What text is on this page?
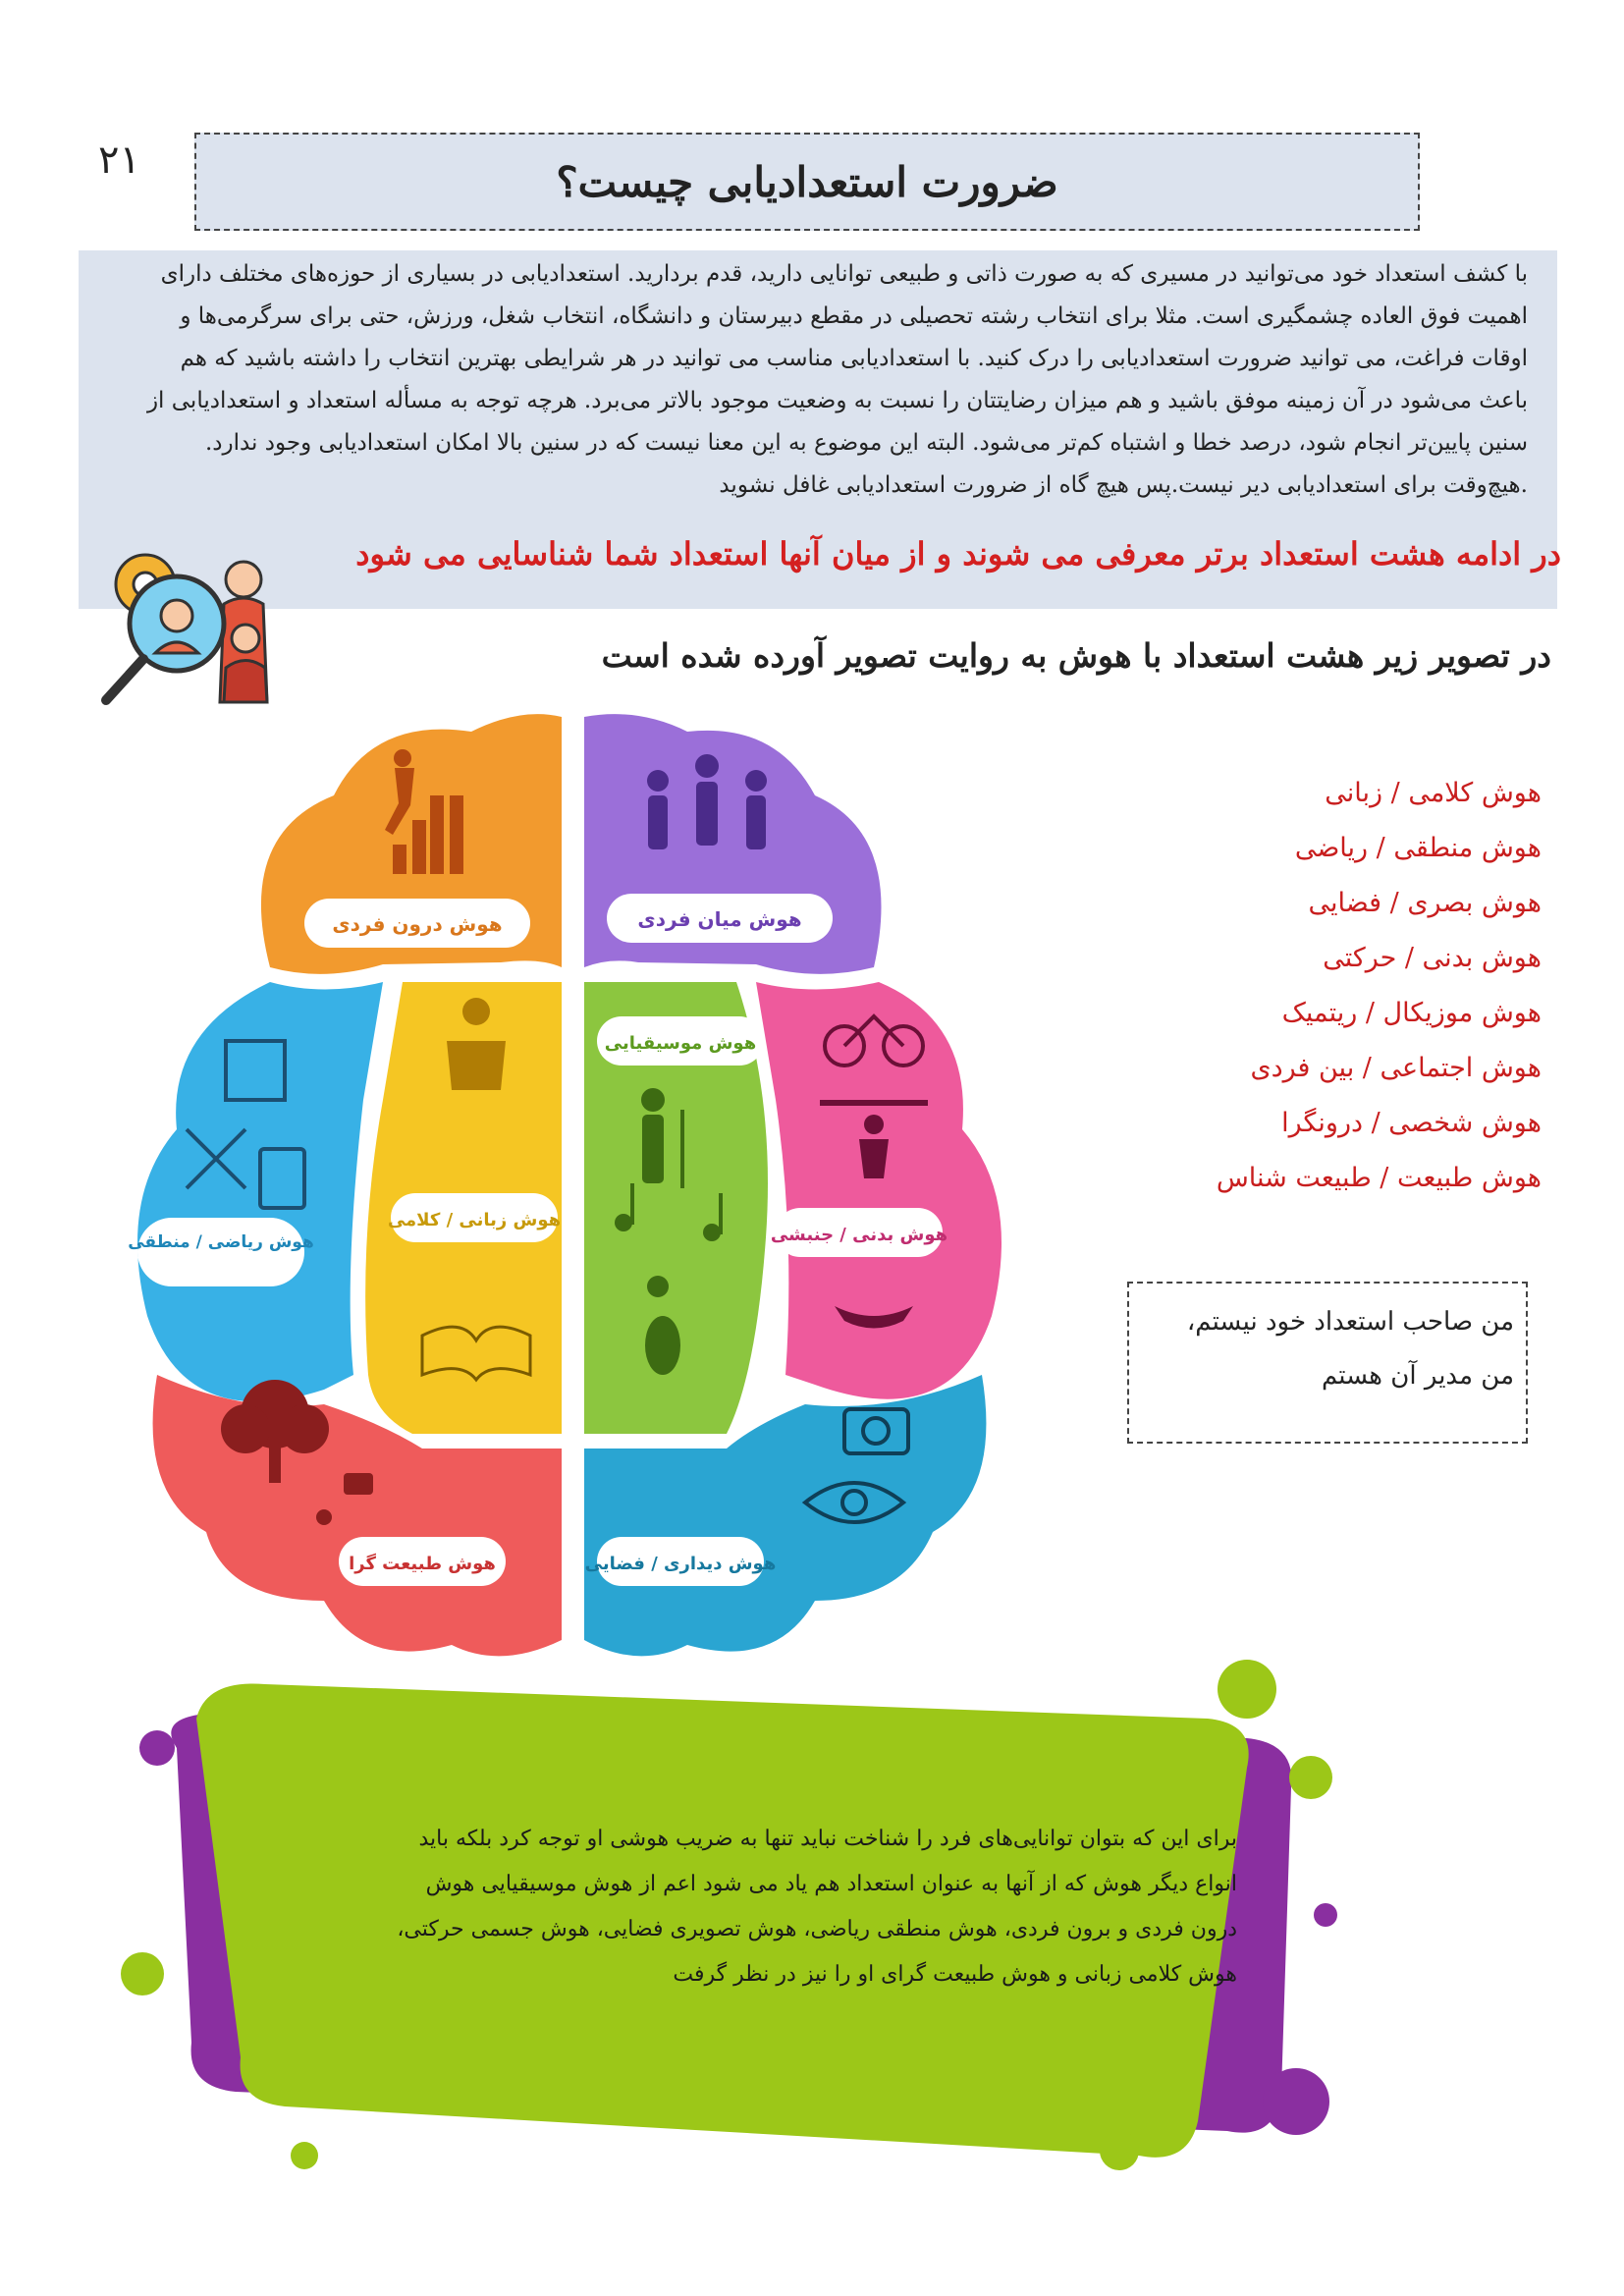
۲۱	ضرورت استعدادیابی چیست؟

با کشف استعداد خود می‌توانید در مسیری که به صورت ذاتی و طبیعی توانایی دارید، قدم بردارید. استعدادیابی در بسیاری از حوزه‌های مختلف دارای

اهمیت فوق العاده چشمگیری است. مثلا برای انتخاب رشته تحصیلی در مقطع دبیرستان و دانشگاه، انتخاب شغل، ورزش، حتی برای سرگرمی‌ها و

اوقات فراغت، می توانید ضرورت استعدادیابی را درک کنید. با استعدادیابی مناسب می توانید در هر شرایطی بهترین انتخاب را داشته باشید که هم

باعث می‌شود در آن زمینه موفق باشید و هم میزان رضایتتان را نسبت به وضعیت موجود بالاتر می‌برد. هرچه توجه به مسأله استعداد و استعدادیابی از

سنین پایین‌تر انجام شود، درصد خطا و اشتباه کم‌تر می‌شود. البته این موضوع به این معنا نیست که در سنین بالا امکان استعدادیابی وجود ندارد.

.هیچ‌وقت برای استعدادیابی دیر نیست.پس هیچ گاه از ضرورت استعدادیابی غافل نشوید

در ادامه هشت استعداد برتر معرفی می شوند و از میان آنها استعداد شما شناسایی می شود
در تصویر زیر هشت استعداد با هوش به روایت تصویر آورده شده است
هوش درون فردی	هوش میان فردی
هوش ریاضی / منطقی
هوش زبانی / کلامی
هوش موسیقیایی
هوش بدنی / جنبشی
هوش طبیعت گرا	هوش دیداری / فضایی
هوش کلامی / زبانی
هوش منطقی / ریاضی
هوش بصری / فضایی
هوش بدنی / حرکتی
هوش موزیکال / ریتمیک
هوش اجتماعی / بین فردی
هوش شخصی / درونگرا
هوش طبیعت / طبیعت شناس
من صاحب استعداد خود نیستم،
من مدیر آن هستم

برای این که بتوان توانایی‌های فرد را شناخت نباید تنها به ضریب هوشی او توجه کرد بلکه باید

انواع دیگر هوش که از آنها به عنوان استعداد هم یاد می شود اعم از هوش موسیقیایی هوش

درون فردی و برون فردی، هوش منطقی ریاضی، هوش تصویری فضایی، هوش جسمی حرکتی،

هوش کلامی زبانی و هوش طبیعت گرای او را نیز در نظر گرفت
